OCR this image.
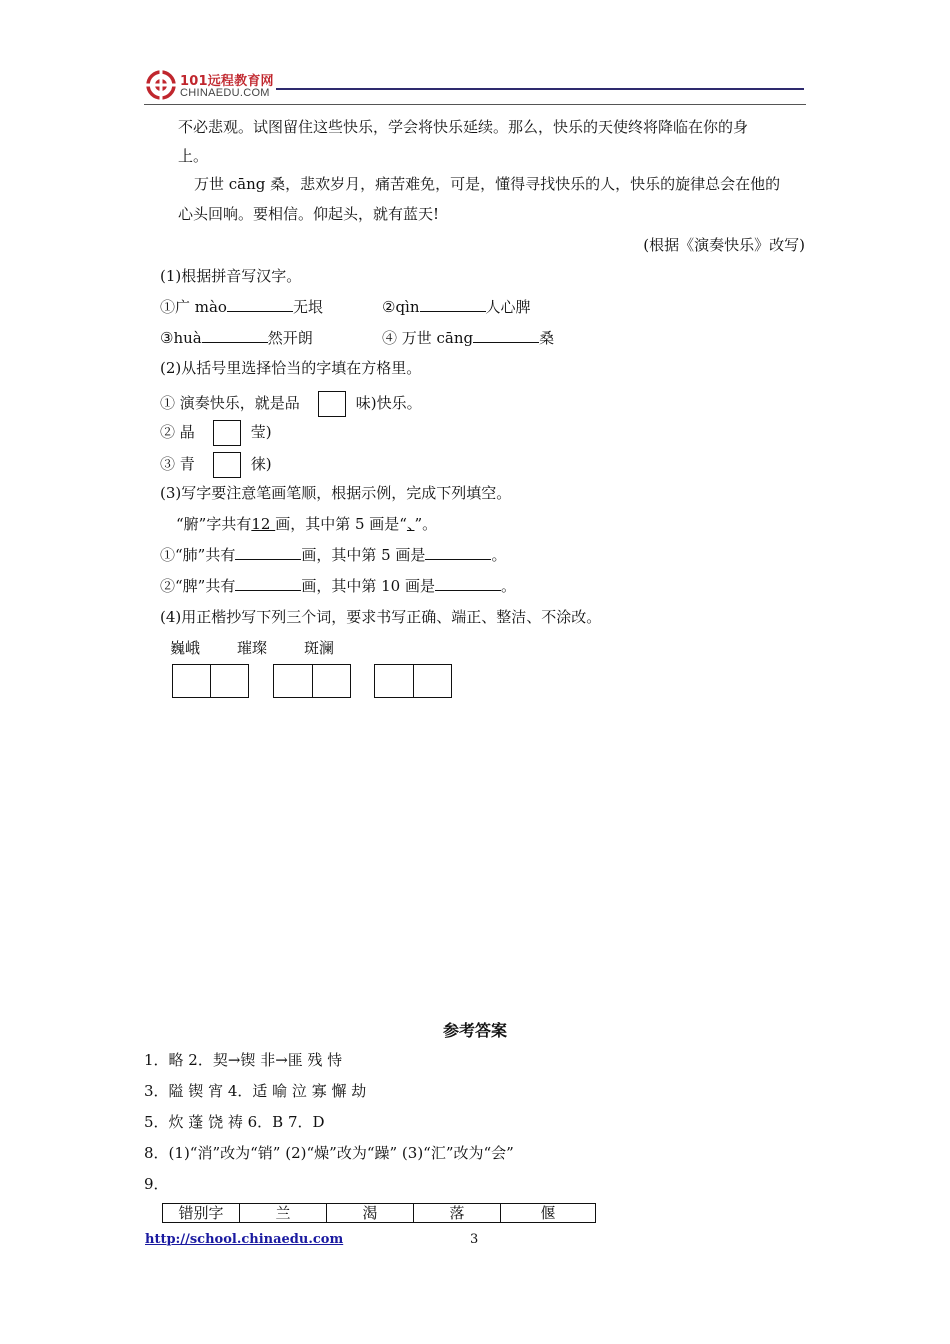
101远程教育网
CHINAEDU.COM
不必悲观。试图留住这些快乐，学会将快乐延续。那么，快乐的天使终将降临在你的身
上。
万世 cāng 桑，悲欢岁月，痛苦难免，可是，懂得寻找快乐的人，快乐的旋律总会在他的
心头回响。要相信。仰起头，就有蓝天!
(根据《演奏快乐》改写)
(1)根据拼音写汉字。
①广 mào	无垠	②qìn	人心脾
③huà	然开朗	④ 万世 cāng	桑
(2)从括号里选择恰当的字填在方格里。
① 演奏快乐，就是品	味)快乐。
② 晶	莹)
③ 青	徕)
(3)写字要注意笔画笔顺，根据示例，完成下列填空。
“腑”字共有12 画，其中第 5 画是“、”。
①“肺”共有	画，其中第 5 画是	。
②“脾”共有	画，其中第 10 画是	。
(4)用正楷抄写下列三个词，要求书写正确、端正、整洁、不涂改。
巍峨 璀璨 斑澜
参考答案
1．略 2．契→锲 非→匪 残 恃
3．隘 锲 宵 4．适 喻 泣 寡 懈 劫
5．炊 蓬 饶 祷 6．B 7．D
8．(1)“消”改为“销” (2)“燥”改为“躁” (3)“汇”改为“会”
9．
错别字	兰	渴	落	偃
http://school.chinaedu.com	3
